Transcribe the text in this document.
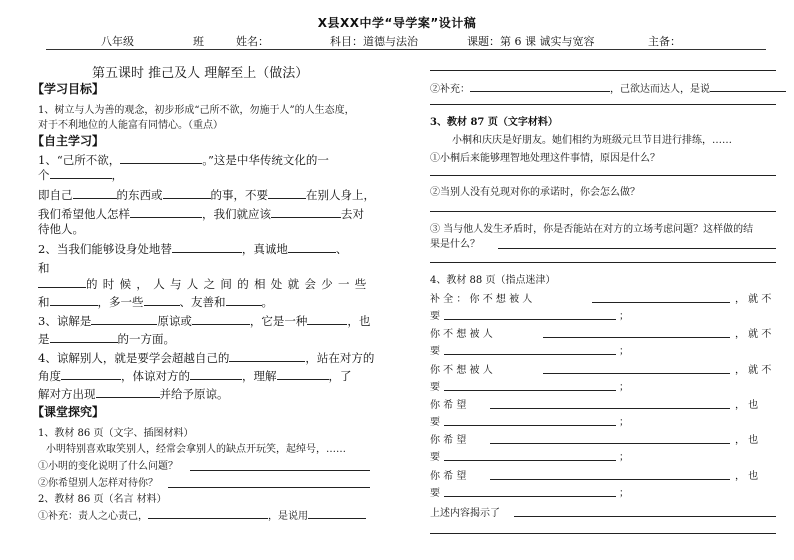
X县XX中学“导学案”设计稿
八年级	班	姓名：	科目：道德与法治	课题：第 6 课 诚实与宽容	主备：
第五课时 推己及人 理解至上（做法）
【学习目标】
1、树立与人为善的观念，初步形成“己所不欲，勿施于人”的人生态度，
对于不利地位的人能富有同情心。（重点）
【自主学习】
1、“己所不欲，	。”这是中华传统文化的一
个	，
即自己	的东西或	的事，不要	在别人身上，
我们希望他人怎样	，我们就应该	去对
待他人。
2、当我们能够设身处地替	，真诚地	、
和
的时候，人与人之间的相处就会少一些
和	，多一些	、友善和	。
3、谅解是	原谅或	，它是一种	，也
是	的一方面。
4、谅解别人，就是要学会超越自己的	，站在对方的
角度	，体谅对方的	，理解	，了
解对方出现	并给予原谅。
【课堂探究】
1、教材 86 页（文字、插图材料）
小明特别喜欢取笑别人，经常会拿别人的缺点开玩笑，起绰号，……
①小明的变化说明了什么问题？
②你希望别人怎样对待你？
2、教材 86 页（名言 材料）
①补充：责人之心责己，	，是说用
②补充：	，己欲达而达人，是说
3、教材 87 页（文字材料）
小桐和庆庆是好朋友。她们相约为班级元旦节目进行排练，……
①小桐后来能够理智地处理这件事情，原因是什么？
②当别人没有兑现对你的承诺时，你会怎么做？
③ 当与他人发生矛盾时，你是否能站在对方的立场考虑问题？这样做的结
果是什么？
4、教材 88 页（指点迷津）
补 全 ： 你 不 想 被 人	， 就 不
要	；
你 不 想 被 人	， 就 不
要	；
你 不 想 被 人	， 就 不
要	；
你 希 望	， 也
要	；
你 希 望	， 也
要	；
你 希 望	， 也
要	；
上述内容揭示了
